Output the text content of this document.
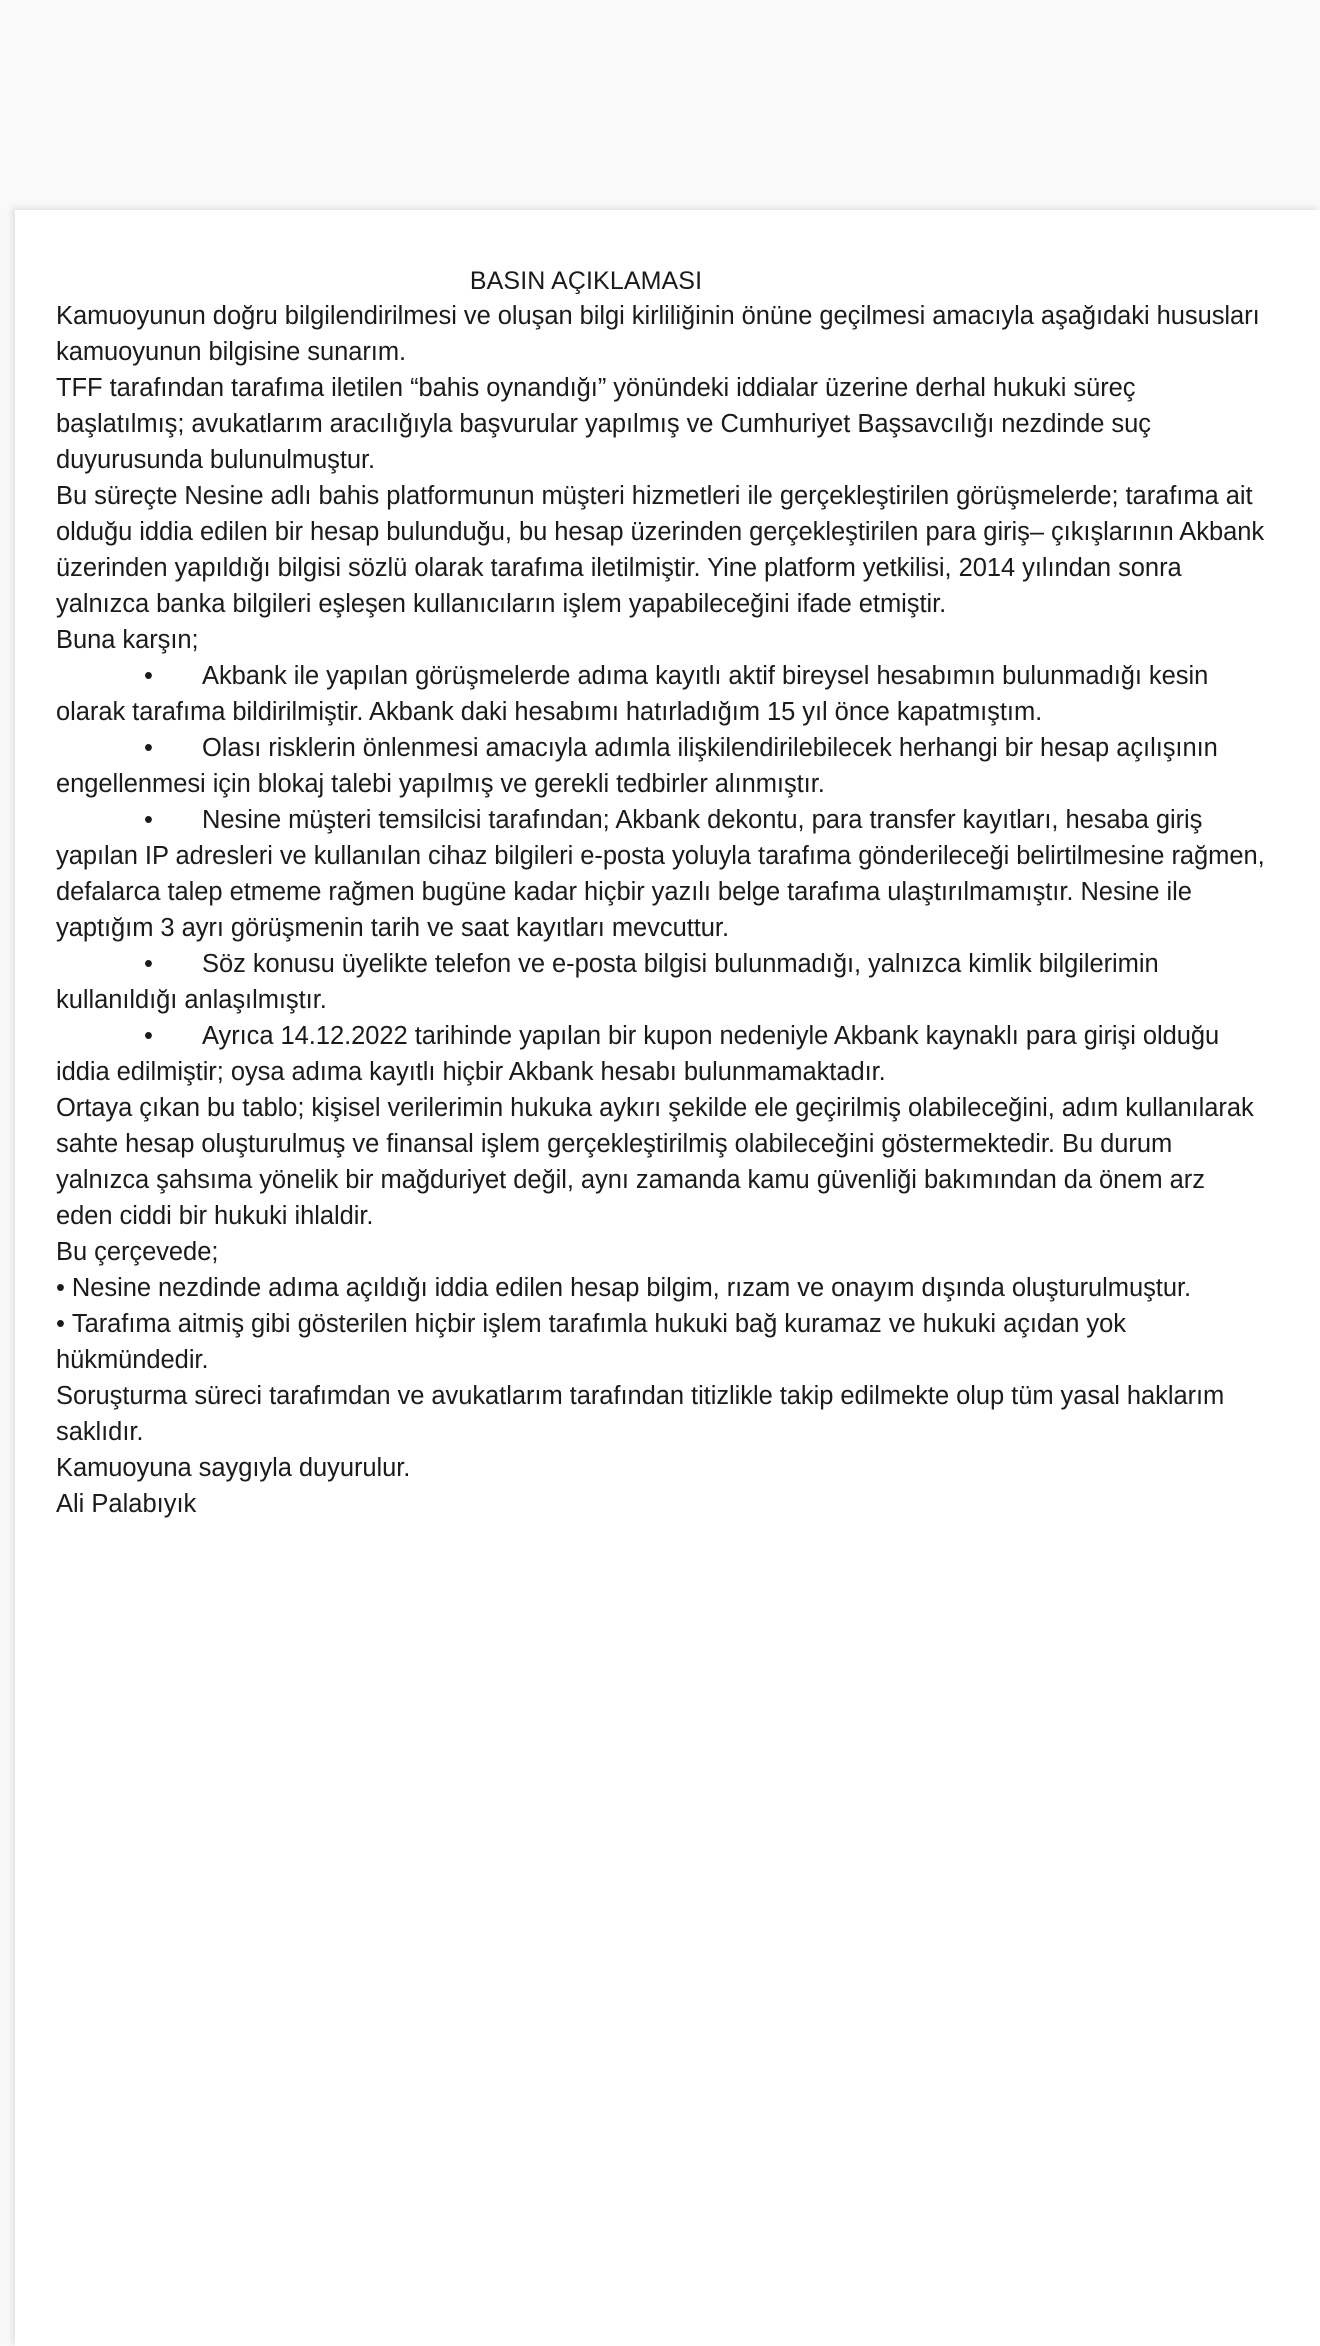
BASIN AÇIKLAMASI

Kamuoyunun doğru bilgilendirilmesi ve oluşan bilgi kirliliğinin önüne geçilmesi amacıyla aşağıdaki hususları kamuoyunun bilgisine sunarım.

TFF tarafından tarafıma iletilen “bahis oynandığı” yönündeki iddialar üzerine derhal hukuki süreç başlatılmış; avukatlarım aracılığıyla başvurular yapılmış ve Cumhuriyet Başsavcılığı nezdinde suç duyurusunda bulunulmuştur.

Bu süreçte Nesine adlı bahis platformunun müşteri hizmetleri ile gerçekleştirilen görüşmelerde; tarafıma ait olduğu iddia edilen bir hesap bulunduğu, bu hesap üzerinden gerçekleştirilen para giriş– çıkışlarının Akbank üzerinden yapıldığı bilgisi sözlü olarak tarafıma iletilmiştir. Yine platform yetkilisi, 2014 yılından sonra yalnızca banka bilgileri eşleşen kullanıcıların işlem yapabileceğini ifade etmiştir.

Buna karşın;

• Akbank ile yapılan görüşmelerde adıma kayıtlı aktif bireysel hesabımın bulunmadığı kesin olarak tarafıma bildirilmiştir. Akbank daki hesabımı hatırladığım 15 yıl önce kapatmıştım.

• Olası risklerin önlenmesi amacıyla adımla ilişkilendirilebilecek herhangi bir hesap açılışının engellenmesi için blokaj talebi yapılmış ve gerekli tedbirler alınmıştır.

• Nesine müşteri temsilcisi tarafından; Akbank dekontu, para transfer kayıtları, hesaba giriş yapılan IP adresleri ve kullanılan cihaz bilgileri e-posta yoluyla tarafıma gönderileceği belirtilmesine rağmen, defalarca talep etmeme rağmen bugüne kadar hiçbir yazılı belge tarafıma ulaştırılmamıştır. Nesine ile yaptığım 3 ayrı görüşmenin tarih ve saat kayıtları mevcuttur.

• Söz konusu üyelikte telefon ve e-posta bilgisi bulunmadığı, yalnızca kimlik bilgilerimin kullanıldığı anlaşılmıştır.

• Ayrıca 14.12.2022 tarihinde yapılan bir kupon nedeniyle Akbank kaynaklı para girişi olduğu iddia edilmiştir; oysa adıma kayıtlı hiçbir Akbank hesabı bulunmamaktadır.

Ortaya çıkan bu tablo; kişisel verilerimin hukuka aykırı şekilde ele geçirilmiş olabileceğini, adım kullanılarak sahte hesap oluşturulmuş ve finansal işlem gerçekleştirilmiş olabileceğini göstermektedir. Bu durum yalnızca şahsıma yönelik bir mağduriyet değil, aynı zamanda kamu güvenliği bakımından da önem arz eden ciddi bir hukuki ihlaldir.

Bu çerçevede;

• Nesine nezdinde adıma açıldığı iddia edilen hesap bilgim, rızam ve onayım dışında oluşturulmuştur.

• Tarafıma aitmiş gibi gösterilen hiçbir işlem tarafımla hukuki bağ kuramaz ve hukuki açıdan yok hükmündedir.

Soruşturma süreci tarafımdan ve avukatlarım tarafından titizlikle takip edilmekte olup tüm yasal haklarım saklıdır.

Kamuoyuna saygıyla duyurulur.

Ali Palabıyık
